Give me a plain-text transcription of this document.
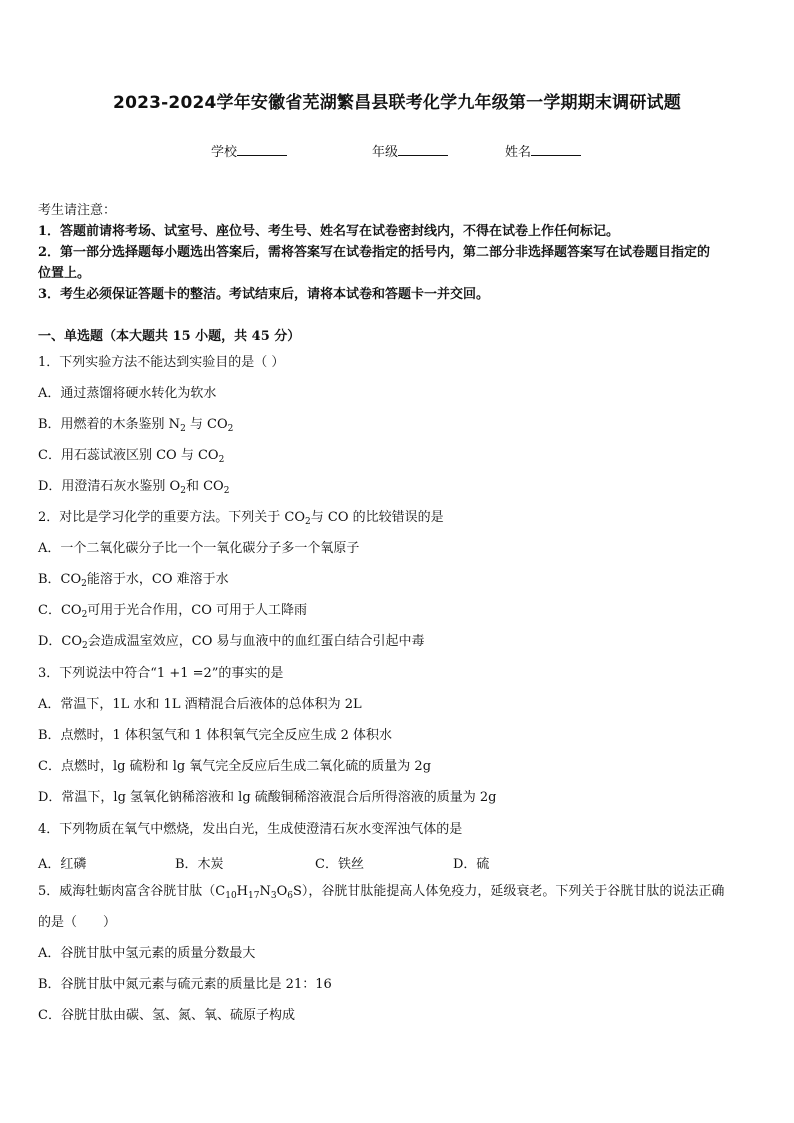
2023-2024学年安徽省芜湖繁昌县联考化学九年级第一学期期末调研试题
学校	年级	姓名
考生请注意：
1．答题前请将考场、试室号、座位号、考生号、姓名写在试卷密封线内，不得在试卷上作任何标记。
2．第一部分选择题每小题选出答案后，需将答案写在试卷指定的括号内，第二部分非选择题答案写在试卷题目指定的
位置上。
3．考生必须保证答题卡的整洁。考试结束后，请将本试卷和答题卡一并交回。
一、单选题（本大题共 15 小题，共 45 分）
1．下列实验方法不能达到实验目的是（ ）
A．通过蒸馏将硬水转化为软水
B．用燃着的木条鉴别 $N_2$ 与 $CO_2$
C．用石蕊试液区别 CO 与 $CO_2$
D．用澄清石灰水鉴别 $O_2$和 $CO_2$
2．对比是学习化学的重要方法。下列关于 $CO_2$与 CO 的比较错误的是
A．一个二氧化碳分子比一个一氧化碳分子多一个氧原子
B．$CO_2$能溶于水，CO 难溶于水
C．$CO_2$可用于光合作用，CO 可用于人工降雨
D．$CO_2$会造成温室效应，CO 易与血液中的血红蛋白结合引起中毒
3．下列说法中符合“1 +1 =2”的事实的是
A．常温下，1L 水和 1L 酒精混合后液体的总体积为 2L
B．点燃时，1 体积氢气和 1 体积氧气完全反应生成 2 体积水
C．点燃时，lg 硫粉和 lg 氧气完全反应后生成二氧化硫的质量为 2g
D．常温下，lg 氢氧化钠稀溶液和 lg 硫酸铜稀溶液混合后所得溶液的质量为 2g
4．下列物质在氧气中燃烧，发出白光，生成使澄清石灰水变浑浊气体的是
A．红磷	B．木炭	C．铁丝	D．硫
5．威海牡蛎肉富含谷胱甘肽$(C_{10}H_{17}N_3O_6S)$，谷胱甘肽能提高人体免疫力，延级衰老。下列关于谷胱甘肽的说法正确
的是（　　）
A．谷胱甘肽中氢元素的质量分数最大
B．谷胱甘肽中氮元素与硫元素的质量比是 21：16
C．谷胱甘肽由碳、氢、氮、氧、硫原子构成
